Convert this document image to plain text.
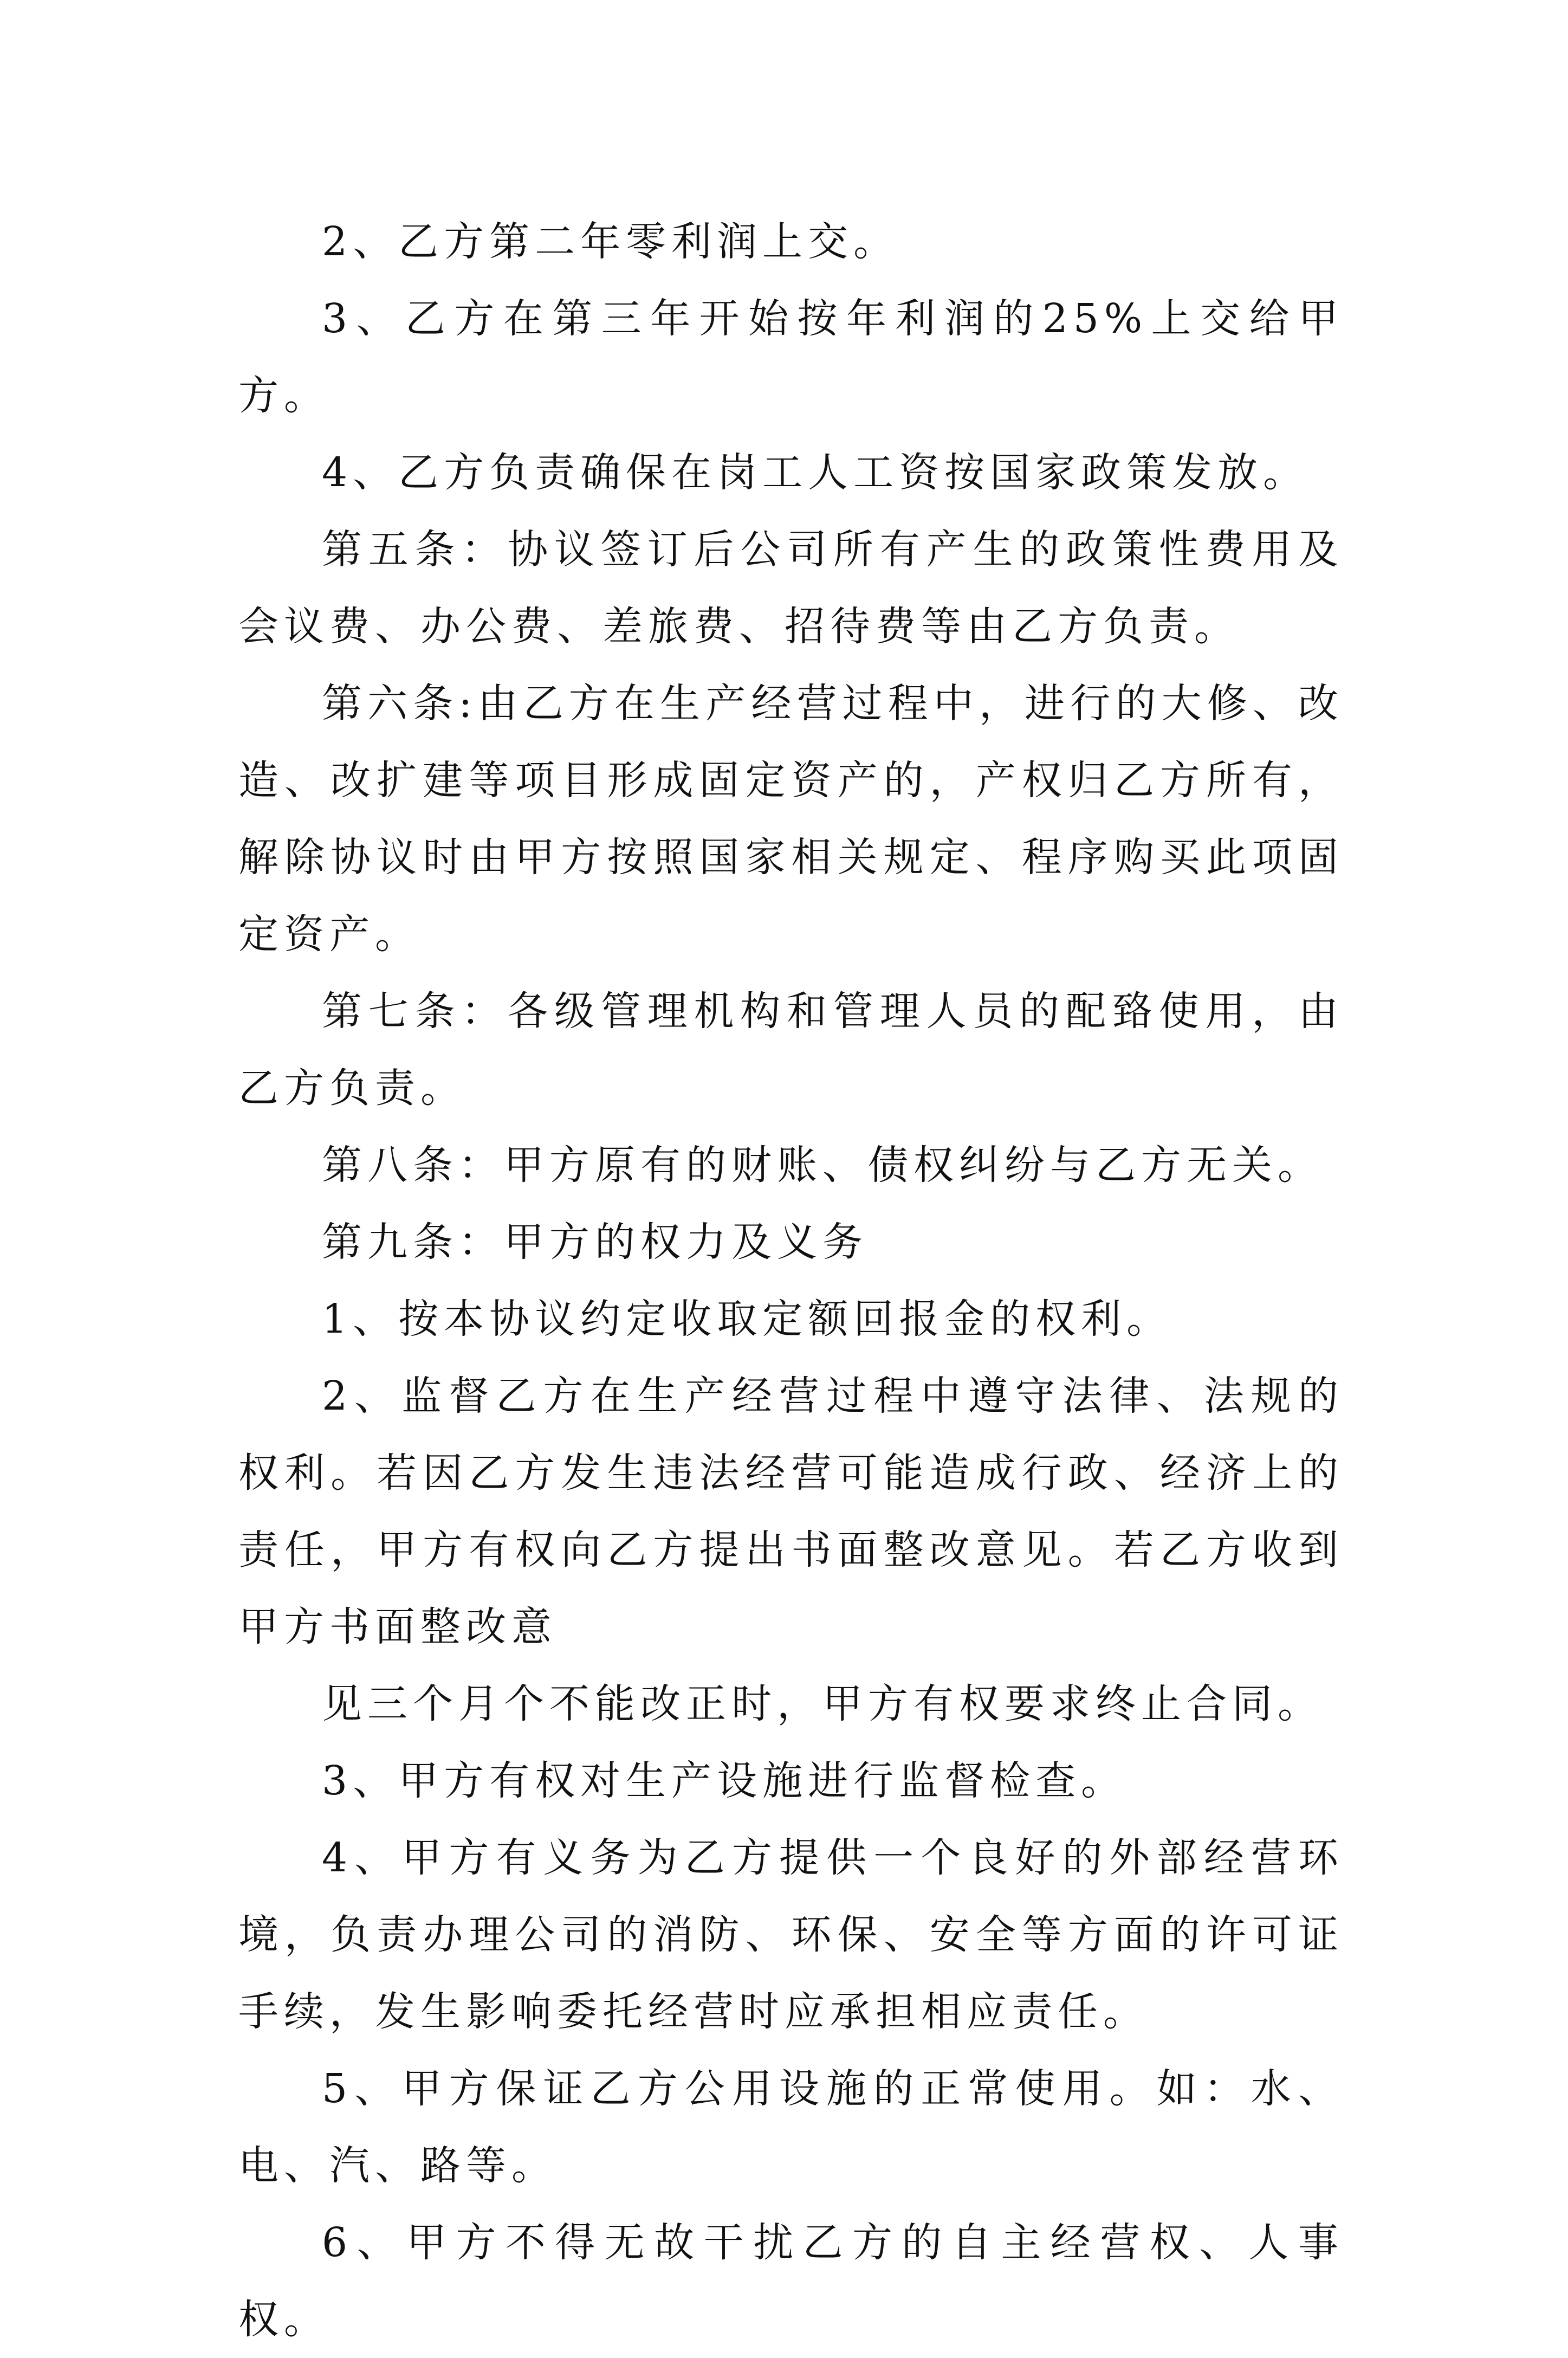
2、乙方第二年零利润上交。

3、乙方在第三年开始按年利润的25%上交给甲方。

4、乙方负责确保在岗工人工资按国家政策发放。

第五条：协议签订后公司所有产生的政策性费用及会议费、办公费、差旅费、招待费等由乙方负责。

第六条:由乙方在生产经营过程中，进行的大修、改造、改扩建等项目形成固定资产的，产权归乙方所有，解除协议时由甲方按照国家相关规定、程序购买此项固定资产。

第七条：各级管理机构和管理人员的配臵使用，由乙方负责。

第八条：甲方原有的财账、债权纠纷与乙方无关。

第九条：甲方的权力及义务

1、按本协议约定收取定额回报金的权利。

2、监督乙方在生产经营过程中遵守法律、法规的权利。若因乙方发生违法经营可能造成行政、经济上的责任，甲方有权向乙方提出书面整改意见。若乙方收到甲方书面整改意

见三个月个不能改正时，甲方有权要求终止合同。

3、甲方有权对生产设施进行监督检查。

4、甲方有义务为乙方提供一个良好的外部经营环境，负责办理公司的消防、环保、安全等方面的许可证手续，发生影响委托经营时应承担相应责任。

5、甲方保证乙方公用设施的正常使用。如：水、电、汽、路等。

6、甲方不得无故干扰乙方的自主经营权、人事权。
